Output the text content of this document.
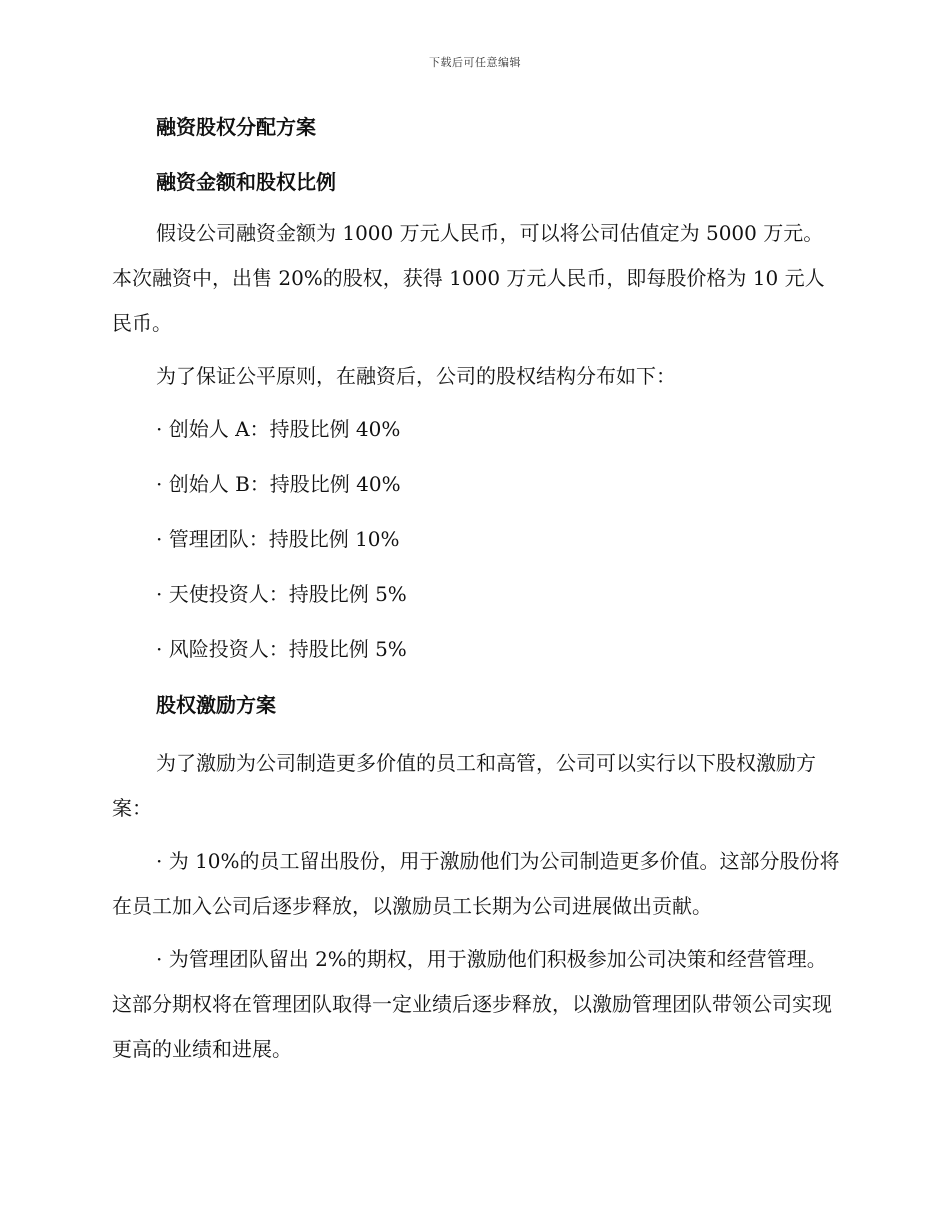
下载后可任意编辑
融资股权分配方案
融资金额和股权比例

假设公司融资金额为 1000 万元人民币，可以将公司估值定为 5000 万元。本次融资中，出售 20%的股权，获得 1000 万元人民币，即每股价格为 10 元人民币。

为了保证公平原则，在融资后，公司的股权结构分布如下：

· 创始人 A：持股比例 40%

· 创始人 B：持股比例 40%

· 管理团队：持股比例 10%

· 天使投资人：持股比例 5%

· 风险投资人：持股比例 5%

股权激励方案

为了激励为公司制造更多价值的员工和高管，公司可以实行以下股权激励方案：

· 为 10%的员工留出股份，用于激励他们为公司制造更多价值。这部分股份将在员工加入公司后逐步释放，以激励员工长期为公司进展做出贡献。

· 为管理团队留出 2%的期权，用于激励他们积极参加公司决策和经营管理。这部分期权将在管理团队取得一定业绩后逐步释放，以激励管理团队带领公司实现更高的业绩和进展。
